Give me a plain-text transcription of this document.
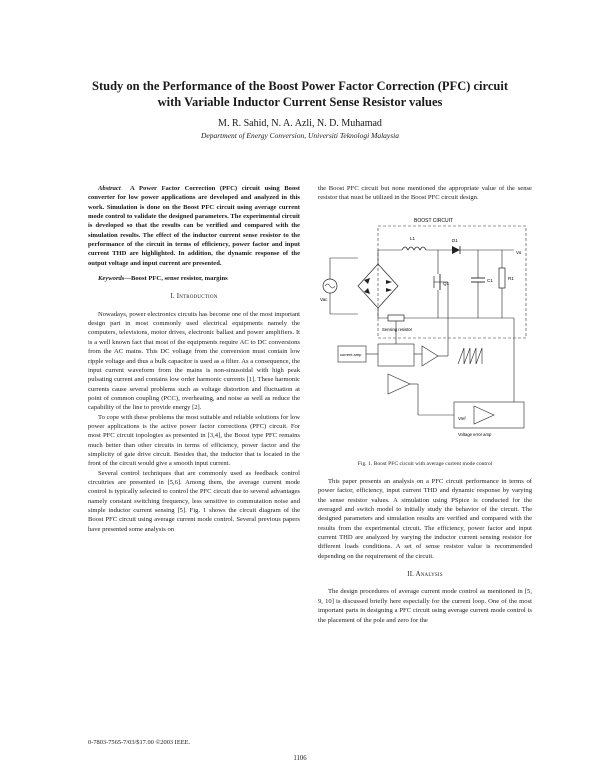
Study on the Performance of the Boost Power Factor Correction (PFC) circuit
with Variable Inductor Current Sense Resistor values
M. R. Sahid, N. A. Azli, N. D. Muhamad
Department of Energy Conversion, Universiti Teknologi Malaysia

Abstract A Power Factor Correction (PFC) circuit using Boost converter for low power applications are developed and analyzed in this work. Simulation is done on the Boost PFC circuit using average current mode control to validate the designed parameters. The experimental circuit is developed so that the results can be verified and compared with the simulation results. The effect of the inductor current sense resistor to the performance of the circuit in terms of efficiency, power factor and input current THD are highlighted. In addition, the dynamic response of the output voltage and input current are presented.

Keywords—Boost PFC, sense resistor, margins

I. Introduction

Nowadays, power electronics circuits has become one of the most important design part in most commonly used electrical equipments namely the computers, televisions, motor drives, electronic ballast and power amplifiers. It is a well known fact that most of the equipments require AC to DC conversions from the AC mains. This DC voltage from the conversion must contain low ripple voltage and thus a bulk capacitor is used as a filter. As a consequence, the input current waveform from the mains is non-sinusoidal with high peak pulsating current and contains low order harmonic currents [1]. These harmonic currents cause several problems such as voltage distortion and fluctuation at point of common coupling (PCC), overheating, and noise as well as reduce the capability of the line to provide energy [2].

To cope with these problems the most suitable and reliable solutions for low power applications is the active power factor corrections (PFC) circuit. For most PFC circuit topologies as presented in [3,4], the Boost type PFC remains much better than other circuits in terms of efficiency, power factor and the simplicity of gate drive circuit. Besides that, the inductor that is located in the front of the circuit would give a smooth input current.

Several control techniques that are commonly used as feedback control circuitries are presented in [5,6]. Among them, the average current mode control is typically selected to control the PFC circuit due to several advantages namely constant switching frequency, less sensitive to commutation noise and simple inductor current sensing [5]. Fig. 1 shows the circuit diagram of the Boost PFC circuit using average current mode control. Several previous papers have presented some analysis on

the Boost PFC circuit but none mentioned the appropriate value of the sense resistor that must be utilized in the Boost PFC circuit design.

BOOST CIRCUIT
Vac
L1	D1
Q1
C1	R1
Vo
Sensing resistor
current amp
Voltage error amp
Vref
Fig. 1. Boost PFC circuit with average current mode control

This paper presents an analysis on a PFC circuit performance in terms of power factor, efficiency, input current THD and dynamic response by varying the sense resistor values. A simulation using PSpice is conducted for the averaged and switch model to initially study the behavior of the circuit. The designed parameters and simulation results are verified and compared with the results from the experimental circuit. The efficiency, power factor and input current THD are analyzed by varying the inductor current sensing resistor for different loads conditions. A set of sense resistor value is recommended depending on the requirement of the circuit.

II. Analysis

The design procedures of average current mode control as mentioned in [5, 9, 10] is discussed briefly here especially for the current loop. One of the most important parts in designing a PFC circuit using average current mode control is the placement of the pole and zero for the

0-7803-7565-7/03/$17.00 ©2003 IEEE.
1106
